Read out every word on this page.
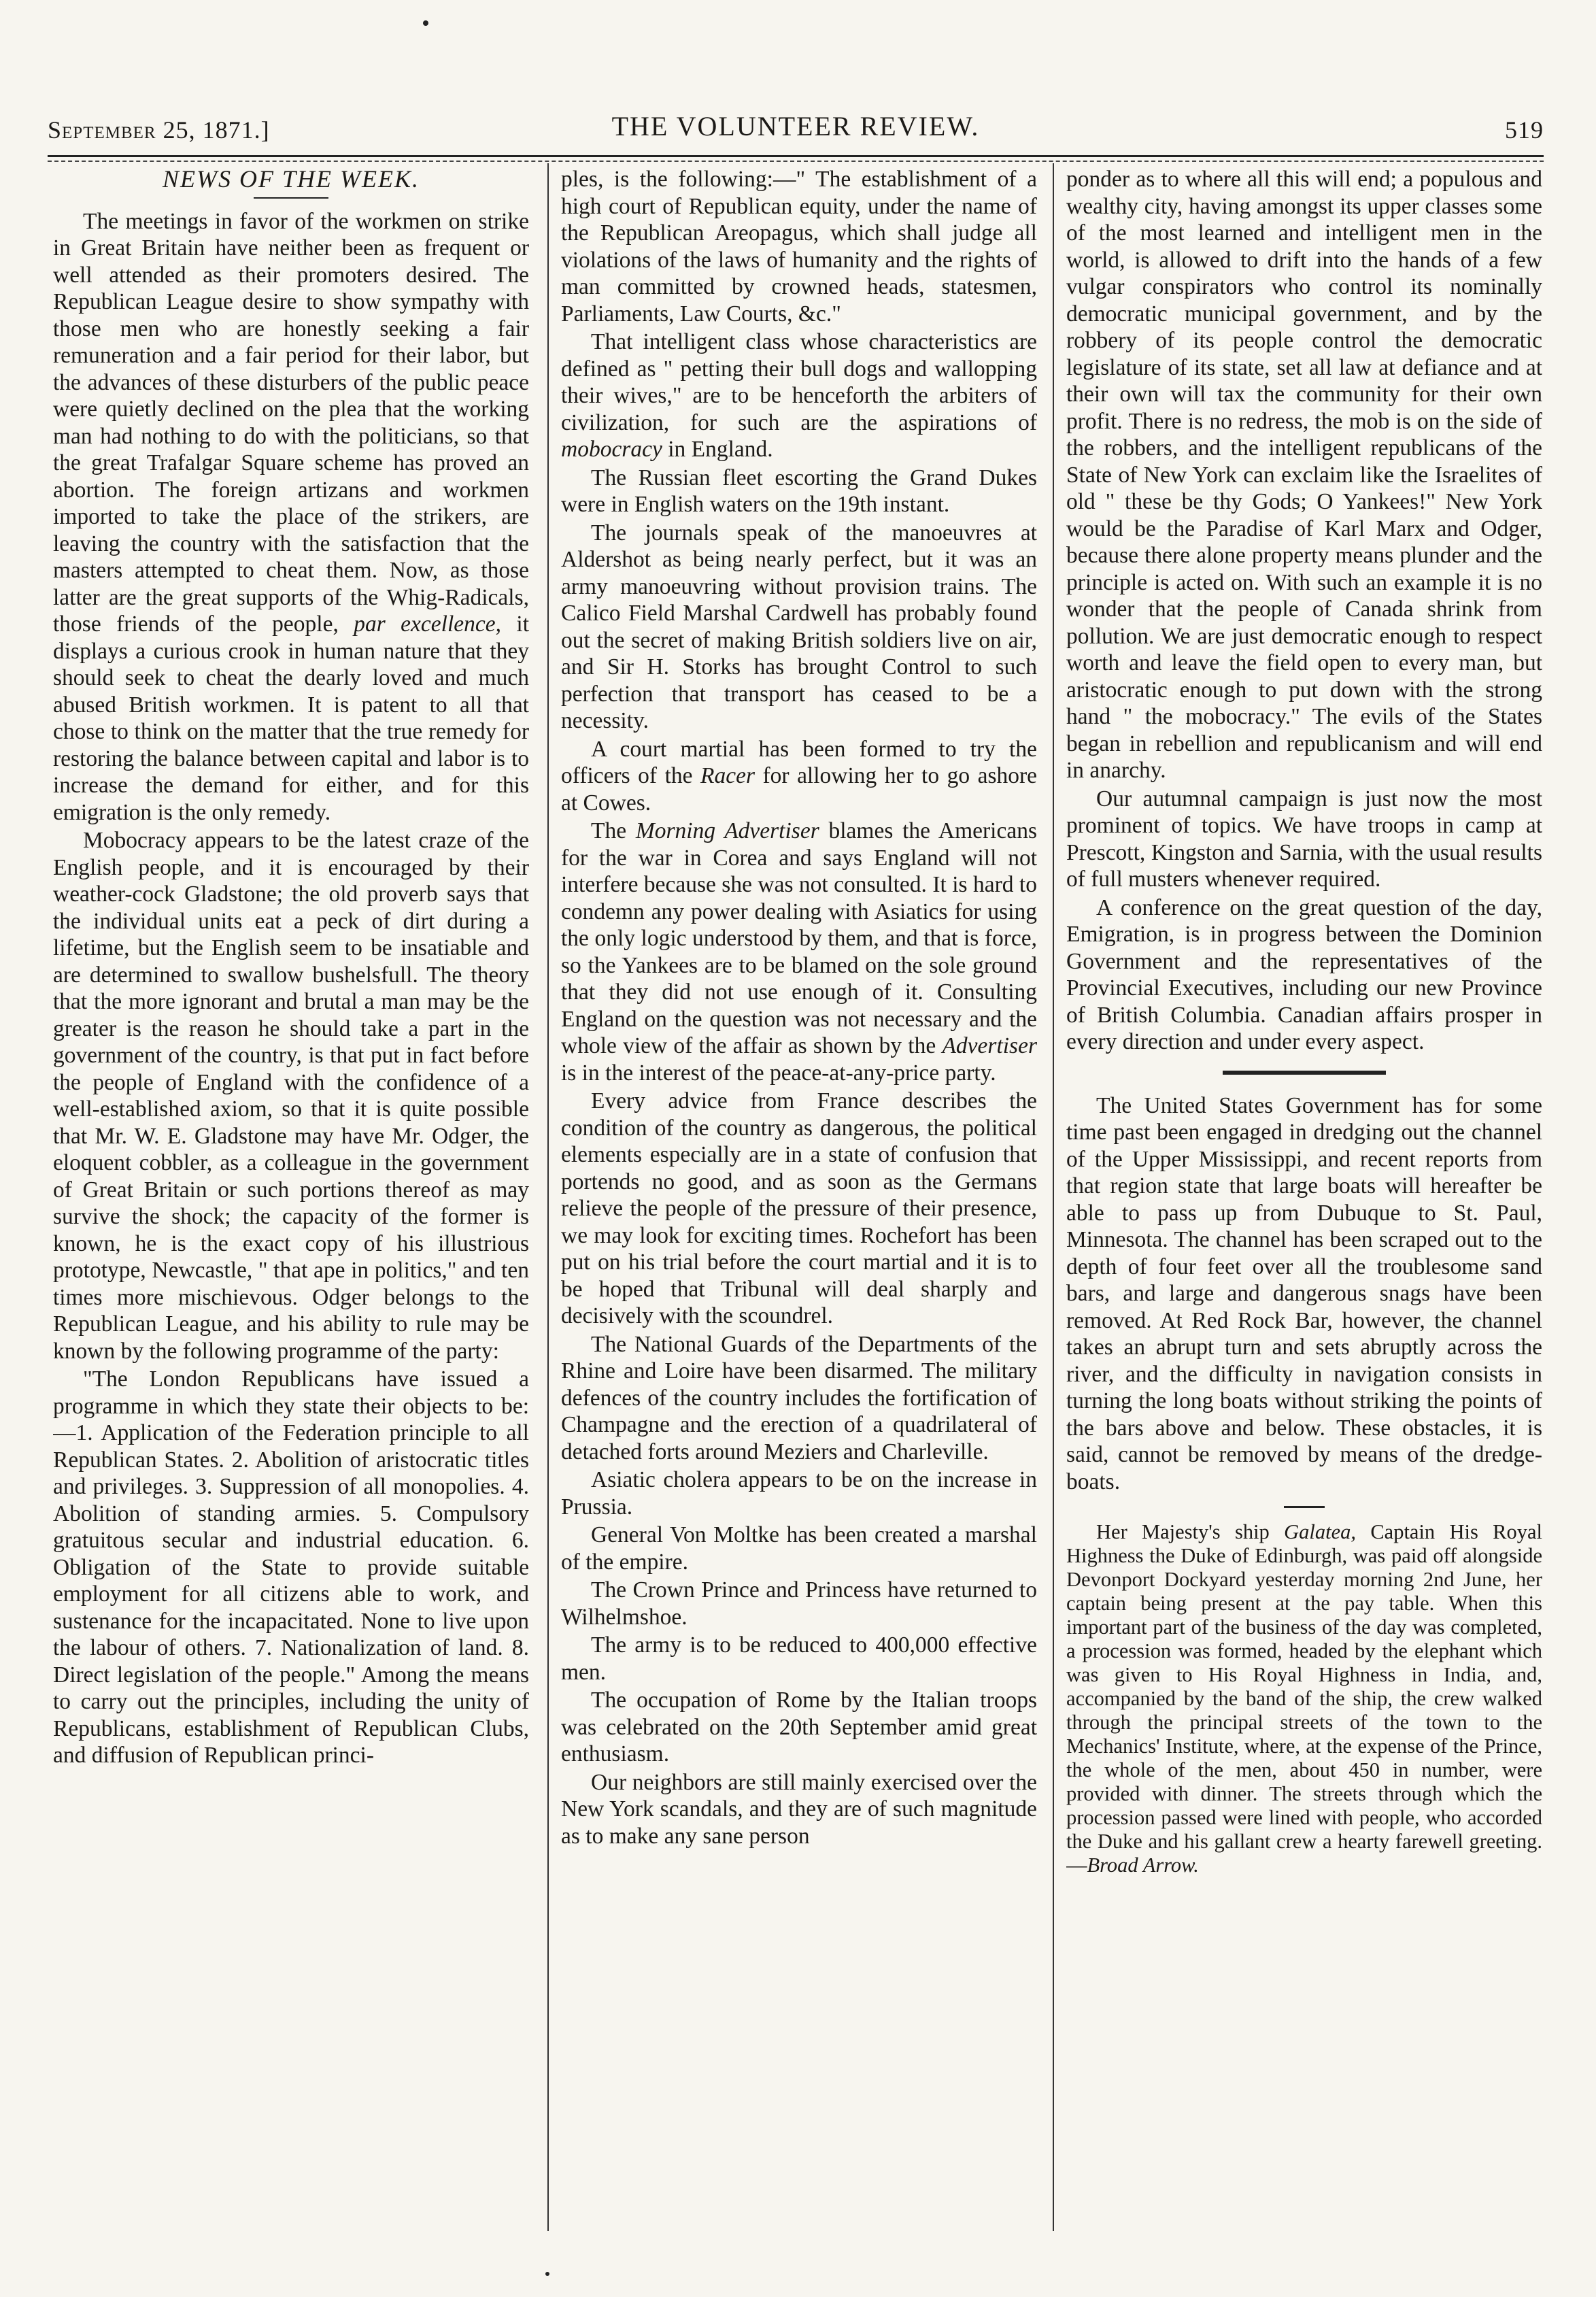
September 25, 1871.]	THE VOLUNTEER REVIEW.	519
NEWS OF THE WEEK.

The meetings in favor of the workmen on strike in Great Britain have neither been as frequent or well attended as their promoters desired. The Republican League desire to show sympathy with those men who are honestly seeking a fair remuneration and a fair period for their labor, but the advances of these disturbers of the public peace were quietly declined on the plea that the working man had nothing to do with the politicians, so that the great Trafalgar Square scheme has proved an abortion. The foreign artizans and workmen imported to take the place of the strikers, are leaving the country with the satisfaction that the masters attempted to cheat them. Now, as those latter are the great supports of the Whig-Radicals, those friends of the people, par excellence, it displays a curious crook in human nature that they should seek to cheat the dearly loved and much abused British workmen. It is patent to all that chose to think on the matter that the true remedy for restoring the balance between capital and labor is to increase the demand for either, and for this emigration is the only remedy.

Mobocracy appears to be the latest craze of the English people, and it is encouraged by their weather-cock Gladstone; the old proverb says that the individual units eat a peck of dirt during a lifetime, but the English seem to be insatiable and are determined to swallow bushelsfull. The theory that the more ignorant and brutal a man may be the greater is the reason he should take a part in the government of the country, is that put in fact before the people of England with the confidence of a well-established axiom, so that it is quite possible that Mr. W. E. Gladstone may have Mr. Odger, the eloquent cobbler, as a colleague in the government of Great Britain or such portions thereof as may survive the shock; the capacity of the former is known, he is the exact copy of his illustrious prototype, Newcastle, " that ape in politics," and ten times more mischievous. Odger belongs to the Republican League, and his ability to rule may be known by the following programme of the party:

"The London Republicans have issued a programme in which they state their objects to be:—1. Application of the Federation principle to all Republican States. 2. Abolition of aristocratic titles and privileges. 3. Suppression of all monopolies. 4. Abolition of standing armies. 5. Compulsory gratuitous secular and industrial education. 6. Obligation of the State to provide suitable employment for all citizens able to work, and sustenance for the incapacitated. None to live upon the labour of others. 7. Nationalization of land. 8. Direct legislation of the people." Among the means to carry out the principles, including the unity of Republicans, establishment of Republican Clubs, and diffusion of Republican princi-

ples, is the following:—" The establishment of a high court of Republican equity, under the name of the Republican Areopagus, which shall judge all violations of the laws of humanity and the rights of man committed by crowned heads, statesmen, Parliaments, Law Courts, &c."

That intelligent class whose characteristics are defined as " petting their bull dogs and wallopping their wives," are to be henceforth the arbiters of civilization, for such are the aspirations of mobocracy in England.

The Russian fleet escorting the Grand Dukes were in English waters on the 19th instant.

The journals speak of the manoeuvres at Aldershot as being nearly perfect, but it was an army manoeuvring without provision trains. The Calico Field Marshal Cardwell has probably found out the secret of making British soldiers live on air, and Sir H. Storks has brought Control to such perfection that transport has ceased to be a necessity.

A court martial has been formed to try the officers of the Racer for allowing her to go ashore at Cowes.

The Morning Advertiser blames the Americans for the war in Corea and says England will not interfere because she was not consulted. It is hard to condemn any power dealing with Asiatics for using the only logic understood by them, and that is force, so the Yankees are to be blamed on the sole ground that they did not use enough of it. Consulting England on the question was not necessary and the whole view of the affair as shown by the Advertiser is in the interest of the peace-at-any-price party.

Every advice from France describes the condition of the country as dangerous, the political elements especially are in a state of confusion that portends no good, and as soon as the Germans relieve the people of the pressure of their presence, we may look for exciting times. Rochefort has been put on his trial before the court martial and it is to be hoped that Tribunal will deal sharply and decisively with the scoundrel.

The National Guards of the Departments of the Rhine and Loire have been disarmed. The military defences of the country includes the fortification of Champagne and the erection of a quadrilateral of detached forts around Meziers and Charleville.

Asiatic cholera appears to be on the increase in Prussia.

General Von Moltke has been created a marshal of the empire.

The Crown Prince and Princess have returned to Wilhelmshoe.

The army is to be reduced to 400,000 effective men.

The occupation of Rome by the Italian troops was celebrated on the 20th September amid great enthusiasm.

Our neighbors are still mainly exercised over the New York scandals, and they are of such magnitude as to make any sane person

ponder as to where all this will end; a populous and wealthy city, having amongst its upper classes some of the most learned and intelligent men in the world, is allowed to drift into the hands of a few vulgar conspirators who control its nominally democratic municipal government, and by the robbery of its people control the democratic legislature of its state, set all law at defiance and at their own will tax the community for their own profit. There is no redress, the mob is on the side of the robbers, and the intelligent republicans of the State of New York can exclaim like the Israelites of old " these be thy Gods; O Yankees!" New York would be the Paradise of Karl Marx and Odger, because there alone property means plunder and the principle is acted on. With such an example it is no wonder that the people of Canada shrink from pollution. We are just democratic enough to respect worth and leave the field open to every man, but aristocratic enough to put down with the strong hand " the mobocracy." The evils of the States began in rebellion and republicanism and will end in anarchy.

Our autumnal campaign is just now the most prominent of topics. We have troops in camp at Prescott, Kingston and Sarnia, with the usual results of full musters whenever required.

A conference on the great question of the day, Emigration, is in progress between the Dominion Government and the representatives of the Provincial Executives, including our new Province of British Columbia. Canadian affairs prosper in every direction and under every aspect.

The United States Government has for some time past been engaged in dredging out the channel of the Upper Mississippi, and recent reports from that region state that large boats will hereafter be able to pass up from Dubuque to St. Paul, Minnesota. The channel has been scraped out to the depth of four feet over all the troublesome sand bars, and large and dangerous snags have been removed. At Red Rock Bar, however, the channel takes an abrupt turn and sets abruptly across the river, and the difficulty in navigation consists in turning the long boats without striking the points of the bars above and below. These obstacles, it is said, cannot be removed by means of the dredge-boats.

Her Majesty's ship Galatea, Captain His Royal Highness the Duke of Edinburgh, was paid off alongside Devonport Dockyard yesterday morning 2nd June, her captain being present at the pay table. When this important part of the business of the day was completed, a procession was formed, headed by the elephant which was given to His Royal Highness in India, and, accompanied by the band of the ship, the crew walked through the principal streets of the town to the Mechanics' Institute, where, at the expense of the Prince, the whole of the men, about 450 in number, were provided with dinner. The streets through which the procession passed were lined with people, who accorded the Duke and his gallant crew a hearty farewell greeting.—Broad Arrow.
